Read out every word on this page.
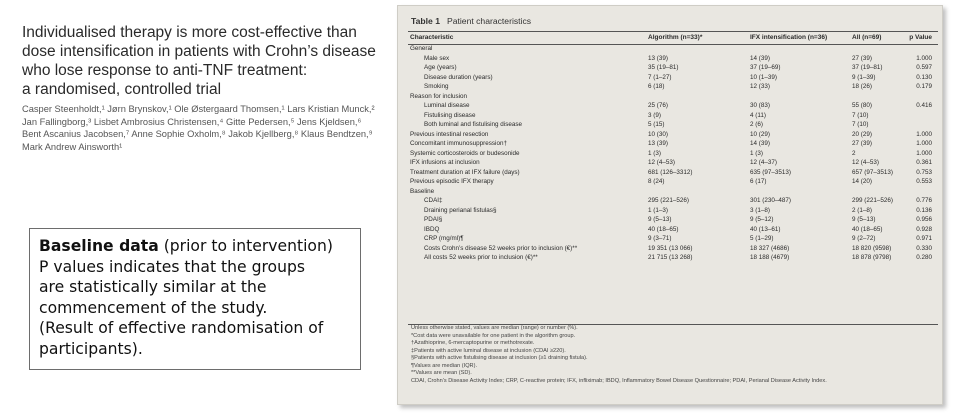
Individualised therapy is more cost-effective than
dose intensification in patients with Crohn’s disease
who lose response to anti-TNF treatment:
a randomised, controlled trial
Casper Steenholdt,¹ Jørn Brynskov,¹ Ole Østergaard Thomsen,¹ Lars Kristian Munck,²
Jan Fallingborg,³ Lisbet Ambrosius Christensen,⁴ Gitte Pedersen,⁵ Jens Kjeldsen,⁶
Bent Ascanius Jacobsen,⁷ Anne Sophie Oxholm,⁸ Jakob Kjellberg,⁸ Klaus Bendtzen,⁹
Mark Andrew Ainsworth¹
Baseline data (prior to intervention)
P values indicates that the groups
are statistically similar at the
commencement of the study.
(Result of effective randomisation of
participants).
Table 1 Patient characteristics
Characteristic	Algorithm (n=33)*	IFX intensification (n=36)	All (n=69)	p Value
General				
Male sex	13 (39)	14 (39)	27 (39)	1.000
Age (years)	35 (19–81)	37 (19–69)	37 (19–81)	0.597
Disease duration (years)	7 (1–27)	10 (1–39)	9 (1–39)	0.130
Smoking	6 (18)	12 (33)	18 (26)	0.179
Reason for inclusion				
Luminal disease	25 (76)	30 (83)	55 (80)	0.416
Fistulising disease	3 (9)	4 (11)	7 (10)	
Both luminal and fistulising disease	5 (15)	2 (6)	7 (10)	
Previous intestinal resection	10 (30)	10 (29)	20 (29)	1.000
Concomitant immunosuppression†	13 (39)	14 (39)	27 (39)	1.000
Systemic corticosteroids or budesonide	1 (3)	1 (3)	2	1.000
IFX infusions at inclusion	12 (4–53)	12 (4–37)	12 (4–53)	0.361
Treatment duration at IFX failure (days)	681 (126–3312)	635 (97–3513)	657 (97–3513)	0.753
Previous episodic IFX therapy	8 (24)	6 (17)	14 (20)	0.553
Baseline				
CDAI‡	295 (221–526)	301 (230–487)	299 (221–526)	0.776
Draining perianal fistulas§	1 (1–3)	3 (1–8)	2 (1–8)	0.136
PDAI§	9 (5–13)	9 (5–12)	9 (5–13)	0.956
IBDQ	40 (18–65)	40 (13–61)	40 (18–65)	0.928
CRP (mg/ml)¶	9 (3–71)	5 (1–29)	9 (2–72)	0.971
Costs Crohn’s disease 52 weeks prior to inclusion (€)**	19 351 (13 066)	18 327 (4686)	18 820 (9598)	0.330
All costs 52 weeks prior to inclusion (€)**	21 715 (13 268)	18 188 (4679)	18 878 (9798)	0.280
Unless otherwise stated, values are median (range) or number (%).
*Cost data were unavailable for one patient in the algorithm group.
†Azathioprine, 6-mercaptopurine or methotrexate.
‡Patients with active luminal disease at inclusion (CDAI ≥220).
§Patients with active fistulising disease at inclusion (≥1 draining fistula).
¶Values are median (IQR).
**Values are mean (SD).
CDAI, Crohn’s Disease Activity Index; CRP, C-reactive protein; IFX, infliximab; IBDQ, Inflammatory Bowel Disease Questionnaire; PDAI, Perianal Disease Activity Index.
